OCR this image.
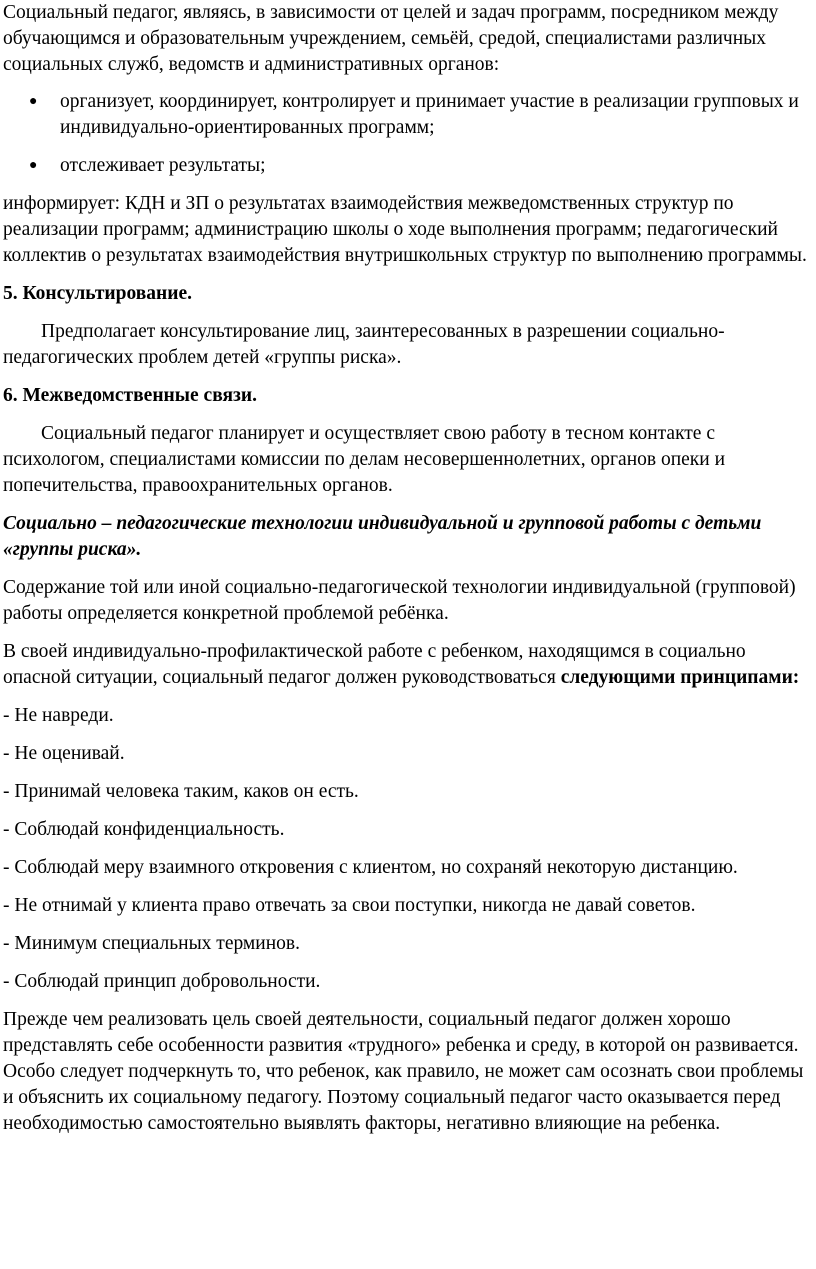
Социальный педагог, являясь, в зависимости от целей и задач программ, посредником между обучающимся и образовательным учреждением, семьёй, средой, специалистами различных социальных служб, ведомств и административных органов:

● организует, координирует, контролирует и принимает участие в реализации групповых и индивидуально-ориентированных программ;
● отслеживает результаты;

информирует: КДН и ЗП о результатах взаимодействия межведомственных структур по реализации программ; администрацию школы о ходе выполнения программ; педагогический коллектив о результатах взаимодействия внутришкольных структур по выполнению программы.

5. Консультирование.

Предполагает консультирование лиц, заинтересованных в разрешении социально-педагогических проблем детей «группы риска».

6. Межведомственные связи.

Социальный педагог планирует и осуществляет свою работу в тесном контакте с психологом, специалистами комиссии по делам несовершеннолетних, органов опеки и попечительства, правоохранительных органов.

Социально – педагогические технологии индивидуальной и групповой работы с детьми «группы риска».

Содержание той или иной социально-педагогической технологии индивидуальной (групповой) работы определяется конкретной проблемой ребёнка.

В своей индивидуально-профилактической работе с ребенком, находящимся в социально опасной ситуации, социальный педагог должен руководствоваться следующими принципами:

- Не навреди.

- Не оценивай.

- Принимай человека таким, каков он есть.

- Соблюдай конфиденциальность.

- Соблюдай меру взаимного откровения с клиентом, но сохраняй некоторую дистанцию.

- Не отнимай у клиента право отвечать за свои поступки, никогда не давай советов.

- Минимум специальных терминов.

- Соблюдай принцип добровольности.

Прежде чем реализовать цель своей деятельности, социальный педагог должен хорошо представлять себе особенности развития «трудного» ребенка и среду, в которой он развивается. Особо следует подчеркнуть то, что ребенок, как правило, не может сам осознать свои проблемы и объяснить их социальному педагогу. Поэтому социальный педагог часто оказывается перед необходимостью самостоятельно выявлять факторы, негативно влияющие на ребенка.
